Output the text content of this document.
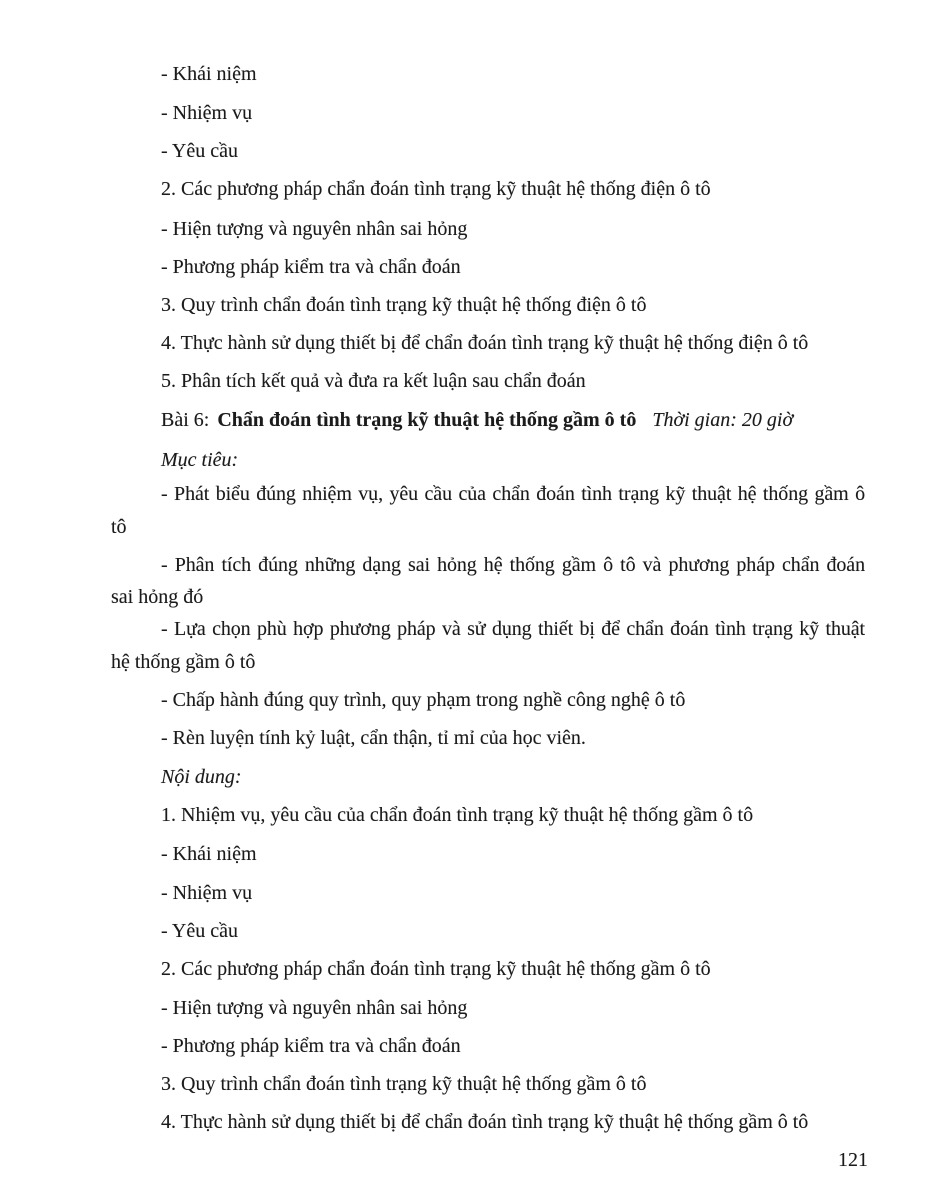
- Khái niệm
- Nhiệm vụ
- Yêu cầu
2. Các phương pháp chẩn đoán tình trạng kỹ thuật hệ thống điện ô tô
- Hiện tượng và nguyên nhân sai hỏng
- Phương pháp kiểm tra và chẩn đoán
3. Quy trình chẩn đoán tình trạng kỹ thuật hệ thống điện ô tô
4. Thực hành sử dụng thiết bị để chẩn đoán tình trạng kỹ thuật hệ thống điện ô tô
5. Phân tích kết quả và đưa ra kết luận sau chẩn đoán
Bài 6: Chẩn đoán tình trạng kỹ thuật hệ thống gầm ô tô Thời gian: 20 giờ
Mục tiêu:
- Phát biểu đúng nhiệm vụ, yêu cầu của chẩn đoán tình trạng kỹ thuật hệ thống gầm ô
tô
- Phân tích đúng những dạng sai hỏng hệ thống gầm ô tô và phương pháp chẩn đoán
sai hỏng đó
- Lựa chọn phù hợp phương pháp và sử dụng thiết bị để chẩn đoán tình trạng kỹ thuật
hệ thống gầm ô tô
- Chấp hành đúng quy trình, quy phạm trong nghề công nghệ ô tô
- Rèn luyện tính kỷ luật, cẩn thận, tỉ mỉ của học viên.
Nội dung:
1. Nhiệm vụ, yêu cầu của chẩn đoán tình trạng kỹ thuật hệ thống gầm ô tô
- Khái niệm
- Nhiệm vụ
- Yêu cầu
2. Các phương pháp chẩn đoán tình trạng kỹ thuật hệ thống gầm ô tô
- Hiện tượng và nguyên nhân sai hỏng
- Phương pháp kiểm tra và chẩn đoán
3. Quy trình chẩn đoán tình trạng kỹ thuật hệ thống gầm ô tô
4. Thực hành sử dụng thiết bị để chẩn đoán tình trạng kỹ thuật hệ thống gầm ô tô
121
